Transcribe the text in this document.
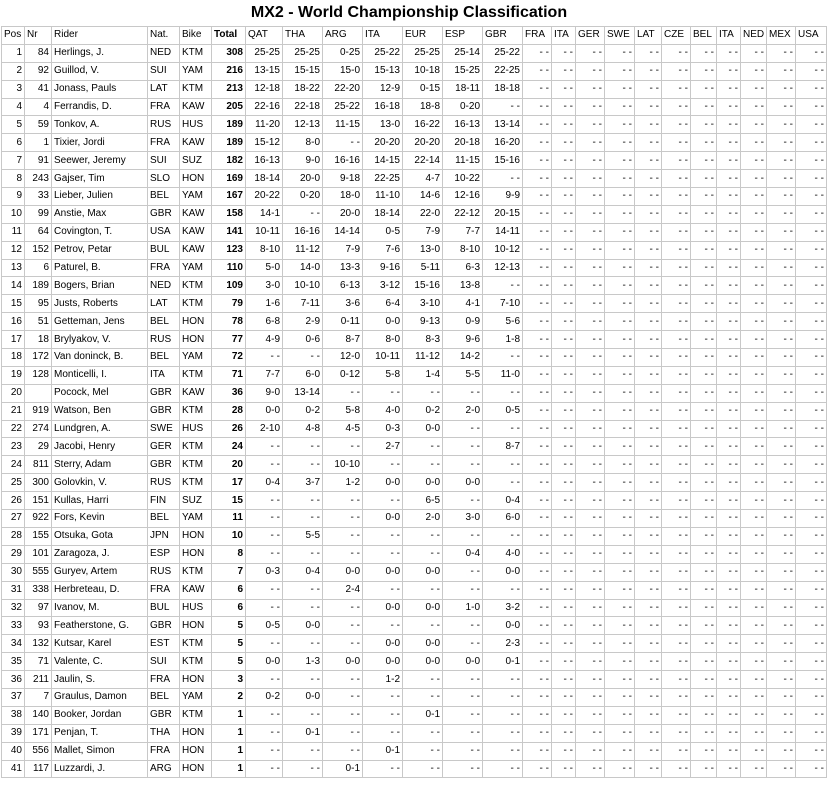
MX2 - World Championship Classification
Pos	Nr	Rider	Nat.	Bike	Total	QAT	THA	ARG	ITA	EUR	ESP	GBR	FRA	ITA	GER	SWE	LAT	CZE	BEL	ITA	NED	MEX	USA
1	84	Herlings, J.	NED	KTM	308	25-25	25-25	0-25	25-22	25-25	25-14	25-22	- -	- -	- -	- -	- -	- -	- -	- -	- -	- -	- -
2	92	Guillod, V.	SUI	YAM	216	13-15	15-15	15-0	15-13	10-18	15-25	22-25	- -	- -	- -	- -	- -	- -	- -	- -	- -	- -	- -
3	41	Jonass, Pauls	LAT	KTM	213	12-18	18-22	22-20	12-9	0-15	18-11	18-18	- -	- -	- -	- -	- -	- -	- -	- -	- -	- -	- -
4	4	Ferrandis, D.	FRA	KAW	205	22-16	22-18	25-22	16-18	18-8	0-20	- -	- -	- -	- -	- -	- -	- -	- -	- -	- -	- -	- -
5	59	Tonkov, A.	RUS	HUS	189	11-20	12-13	11-15	13-0	16-22	16-13	13-14	- -	- -	- -	- -	- -	- -	- -	- -	- -	- -	- -
6	1	Tixier, Jordi	FRA	KAW	189	15-12	8-0	- -	20-20	20-20	20-18	16-20	- -	- -	- -	- -	- -	- -	- -	- -	- -	- -	- -
7	91	Seewer, Jeremy	SUI	SUZ	182	16-13	9-0	16-16	14-15	22-14	11-15	15-16	- -	- -	- -	- -	- -	- -	- -	- -	- -	- -	- -
8	243	Gajser, Tim	SLO	HON	169	18-14	20-0	9-18	22-25	4-7	10-22	- -	- -	- -	- -	- -	- -	- -	- -	- -	- -	- -	- -
9	33	Lieber, Julien	BEL	YAM	167	20-22	0-20	18-0	11-10	14-6	12-16	9-9	- -	- -	- -	- -	- -	- -	- -	- -	- -	- -	- -
10	99	Anstie, Max	GBR	KAW	158	14-1	- -	20-0	18-14	22-0	22-12	20-15	- -	- -	- -	- -	- -	- -	- -	- -	- -	- -	- -
11	64	Covington, T.	USA	KAW	141	10-11	16-16	14-14	0-5	7-9	7-7	14-11	- -	- -	- -	- -	- -	- -	- -	- -	- -	- -	- -
12	152	Petrov, Petar	BUL	KAW	123	8-10	11-12	7-9	7-6	13-0	8-10	10-12	- -	- -	- -	- -	- -	- -	- -	- -	- -	- -	- -
13	6	Paturel, B.	FRA	YAM	110	5-0	14-0	13-3	9-16	5-11	6-3	12-13	- -	- -	- -	- -	- -	- -	- -	- -	- -	- -	- -
14	189	Bogers, Brian	NED	KTM	109	3-0	10-10	6-13	3-12	15-16	13-8	- -	- -	- -	- -	- -	- -	- -	- -	- -	- -	- -	- -
15	95	Justs, Roberts	LAT	KTM	79	1-6	7-11	3-6	6-4	3-10	4-1	7-10	- -	- -	- -	- -	- -	- -	- -	- -	- -	- -	- -
16	51	Getteman, Jens	BEL	HON	78	6-8	2-9	0-11	0-0	9-13	0-9	5-6	- -	- -	- -	- -	- -	- -	- -	- -	- -	- -	- -
17	18	Brylyakov, V.	RUS	HON	77	4-9	0-6	8-7	8-0	8-3	9-6	1-8	- -	- -	- -	- -	- -	- -	- -	- -	- -	- -	- -
18	172	Van doninck, B.	BEL	YAM	72	- -	- -	12-0	10-11	11-12	14-2	- -	- -	- -	- -	- -	- -	- -	- -	- -	- -	- -	- -
19	128	Monticelli, I.	ITA	KTM	71	7-7	6-0	0-12	5-8	1-4	5-5	11-0	- -	- -	- -	- -	- -	- -	- -	- -	- -	- -	- -
20		Pocock, Mel	GBR	KAW	36	9-0	13-14	- -	- -	- -	- -	- -	- -	- -	- -	- -	- -	- -	- -	- -	- -	- -	- -
21	919	Watson, Ben	GBR	KTM	28	0-0	0-2	5-8	4-0	0-2	2-0	0-5	- -	- -	- -	- -	- -	- -	- -	- -	- -	- -	- -
22	274	Lundgren, A.	SWE	HUS	26	2-10	4-8	4-5	0-3	0-0	- -	- -	- -	- -	- -	- -	- -	- -	- -	- -	- -	- -	- -
23	29	Jacobi, Henry	GER	KTM	24	- -	- -	- -	2-7	- -	- -	8-7	- -	- -	- -	- -	- -	- -	- -	- -	- -	- -	- -
24	811	Sterry, Adam	GBR	KTM	20	- -	- -	10-10	- -	- -	- -	- -	- -	- -	- -	- -	- -	- -	- -	- -	- -	- -	- -
25	300	Golovkin, V.	RUS	KTM	17	0-4	3-7	1-2	0-0	0-0	0-0	- -	- -	- -	- -	- -	- -	- -	- -	- -	- -	- -	- -
26	151	Kullas, Harri	FIN	SUZ	15	- -	- -	- -	- -	6-5	- -	0-4	- -	- -	- -	- -	- -	- -	- -	- -	- -	- -	- -
27	922	Fors, Kevin	BEL	YAM	11	- -	- -	- -	0-0	2-0	3-0	6-0	- -	- -	- -	- -	- -	- -	- -	- -	- -	- -	- -
28	155	Otsuka, Gota	JPN	HON	10	- -	5-5	- -	- -	- -	- -	- -	- -	- -	- -	- -	- -	- -	- -	- -	- -	- -	- -
29	101	Zaragoza, J.	ESP	HON	8	- -	- -	- -	- -	- -	0-4	4-0	- -	- -	- -	- -	- -	- -	- -	- -	- -	- -	- -
30	555	Guryev, Artem	RUS	KTM	7	0-3	0-4	0-0	0-0	0-0	- -	0-0	- -	- -	- -	- -	- -	- -	- -	- -	- -	- -	- -
31	338	Herbreteau, D.	FRA	KAW	6	- -	- -	2-4	- -	- -	- -	- -	- -	- -	- -	- -	- -	- -	- -	- -	- -	- -	- -
32	97	Ivanov, M.	BUL	HUS	6	- -	- -	- -	0-0	0-0	1-0	3-2	- -	- -	- -	- -	- -	- -	- -	- -	- -	- -	- -
33	93	Featherstone, G.	GBR	HON	5	0-5	0-0	- -	- -	- -	- -	0-0	- -	- -	- -	- -	- -	- -	- -	- -	- -	- -	- -
34	132	Kutsar, Karel	EST	KTM	5	- -	- -	- -	0-0	0-0	- -	2-3	- -	- -	- -	- -	- -	- -	- -	- -	- -	- -	- -
35	71	Valente, C.	SUI	KTM	5	0-0	1-3	0-0	0-0	0-0	0-0	0-1	- -	- -	- -	- -	- -	- -	- -	- -	- -	- -	- -
36	211	Jaulin, S.	FRA	HON	3	- -	- -	- -	1-2	- -	- -	- -	- -	- -	- -	- -	- -	- -	- -	- -	- -	- -	- -
37	7	Graulus, Damon	BEL	YAM	2	0-2	0-0	- -	- -	- -	- -	- -	- -	- -	- -	- -	- -	- -	- -	- -	- -	- -	- -
38	140	Booker, Jordan	GBR	KTM	1	- -	- -	- -	- -	0-1	- -	- -	- -	- -	- -	- -	- -	- -	- -	- -	- -	- -	- -
39	171	Penjan, T.	THA	HON	1	- -	0-1	- -	- -	- -	- -	- -	- -	- -	- -	- -	- -	- -	- -	- -	- -	- -	- -
40	556	Mallet, Simon	FRA	HON	1	- -	- -	- -	0-1	- -	- -	- -	- -	- -	- -	- -	- -	- -	- -	- -	- -	- -	- -
41	117	Luzzardi, J.	ARG	HON	1	- -	- -	0-1	- -	- -	- -	- -	- -	- -	- -	- -	- -	- -	- -	- -	- -	- -	- -
